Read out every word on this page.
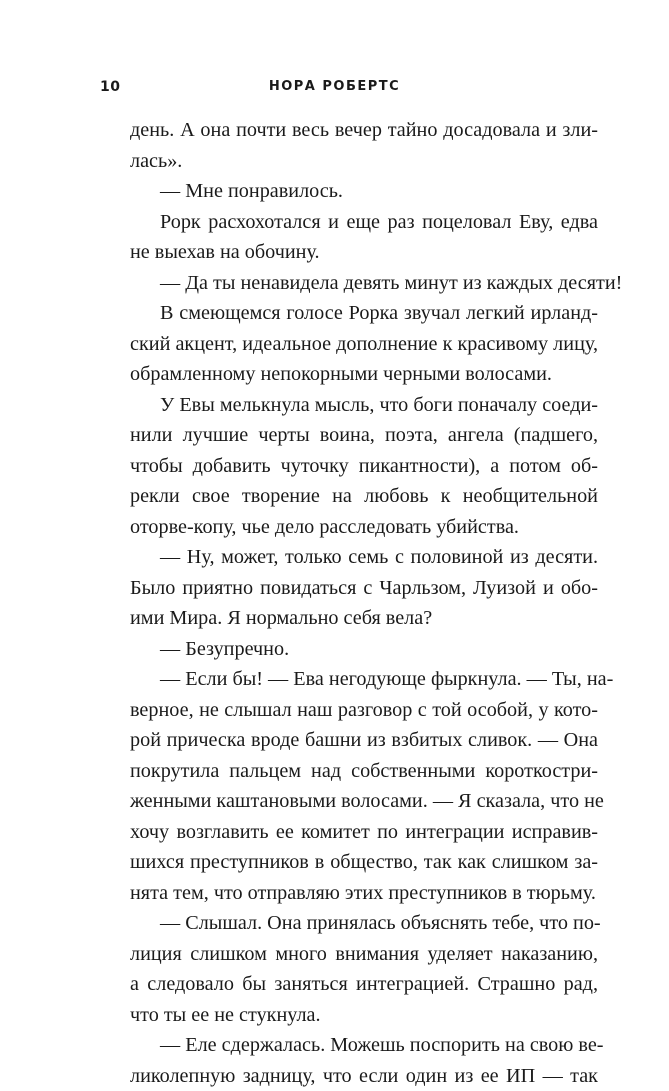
10	НОРА РОБЕРТС
день. А она почти весь вечер тайно досадовала и зли-
лась».
— Мне понравилось.
Рорк расхохотался и еще раз поцеловал Еву, едва
не выехав на обочину.
— Да ты ненавидела девять минут из каждых десяти!
В смеющемся голосе Рорка звучал легкий ирланд-
ский акцент, идеальное дополнение к красивому лицу,
обрамленному непокорными черными волосами.
У Евы мелькнула мысль, что боги поначалу соеди-
нили лучшие черты воина, поэта, ангела (падшего,
чтобы добавить чуточку пикантности), а потом об-
рекли свое творение на любовь к необщительной
оторве-копу, чье дело расследовать убийства.
— Ну, может, только семь с половиной из десяти.
Было приятно повидаться с Чарльзом, Луизой и обо-
ими Мира. Я нормально себя вела?
— Безупречно.
— Если бы! — Ева негодующе фыркнула. — Ты, на-
верное, не слышал наш разговор с той особой, у кото-
рой прическа вроде башни из взбитых сливок. — Она
покрутила пальцем над собственными короткостри-
женными каштановыми волосами. — Я сказала, что не
хочу возглавить ее комитет по интеграции исправив-
шихся преступников в общество, так как слишком за-
нята тем, что отправляю этих преступников в тюрьму.
— Слышал. Она принялась объяснять тебе, что по-
лиция слишком много внимания уделяет наказанию,
а следовало бы заняться интеграцией. Страшно рад,
что ты ее не стукнула.
— Еле сдержалась. Можешь поспорить на свою ве-
ликолепную задницу, что если один из ее ИП — так
